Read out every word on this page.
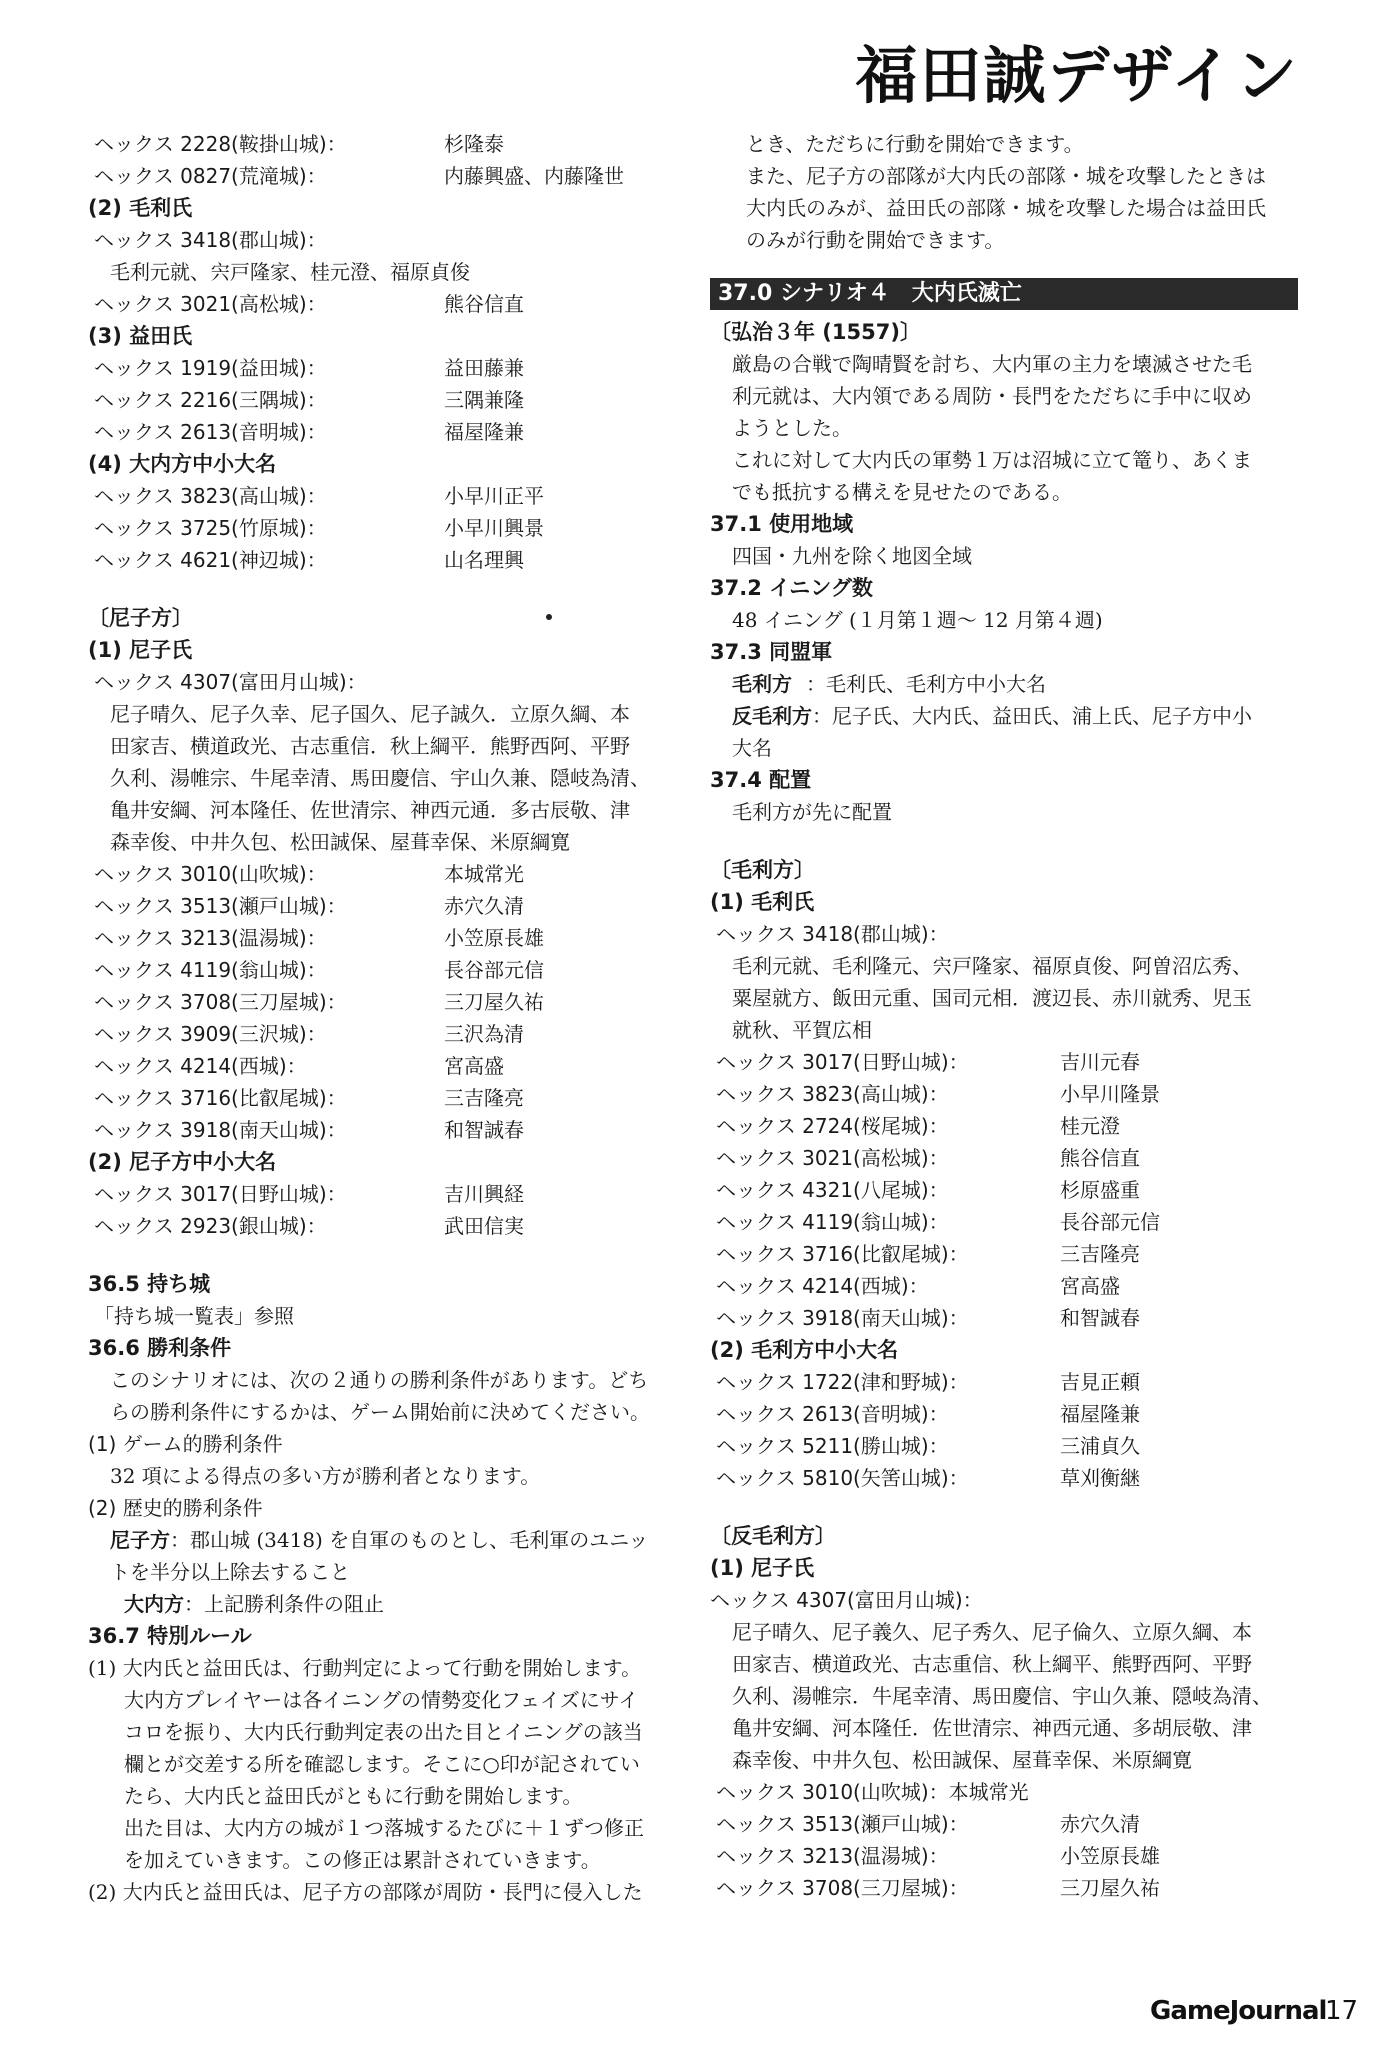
福田誠デザイン
ヘックス 2228(鞍掛山城)：	杉隆泰
ヘックス 0827(荒滝城)：	内藤興盛、内藤隆世
(2) 毛利氏
ヘックス 3418(郡山城)：
毛利元就、宍戸隆家、桂元澄、福原貞俊
ヘックス 3021(高松城)：	熊谷信直
(3) 益田氏
ヘックス 1919(益田城)：	益田藤兼
ヘックス 2216(三隅城)：	三隅兼隆
ヘックス 2613(音明城)：	福屋隆兼
(4) 大内方中小大名
ヘックス 3823(高山城)：	小早川正平
ヘックス 3725(竹原城)：	小早川興景
ヘックス 4621(神辺城)：	山名理興
〔尼子方〕
(1) 尼子氏
ヘックス 4307(富田月山城)：
尼子晴久、尼子久幸、尼子国久、尼子誠久．立原久綱、本
田家吉、横道政光、古志重信．秋上綱平．熊野西阿、平野
久利、湯帷宗、牛尾幸清、馬田慶信、宇山久兼、隠岐為清、
亀井安綱、河本隆任、佐世清宗、神西元通．多古辰敬、津
森幸俊、中井久包、松田誠保、屋葺幸保、米原綱寛
ヘックス 3010(山吹城)：	本城常光
ヘックス 3513(瀬戸山城)：	赤穴久清
ヘックス 3213(温湯城)：	小笠原長雄
ヘックス 4119(翁山城)：	長谷部元信
ヘックス 3708(三刀屋城)：	三刀屋久祐
ヘックス 3909(三沢城)：	三沢為清
ヘックス 4214(西城)：	宮高盛
ヘックス 3716(比叡尾城)：	三吉隆亮
ヘックス 3918(南天山城)：	和智誠春
(2) 尼子方中小大名
ヘックス 3017(日野山城)：	吉川興経
ヘックス 2923(銀山城)：	武田信実
36.5 持ち城
「持ち城一覧表」参照
36.6 勝利条件
このシナリオには、次の２通りの勝利条件があります。どち
らの勝利条件にするかは、ゲーム開始前に決めてください。
(1) ゲーム的勝利条件
32 項による得点の多い方が勝利者となります。
(2) 歴史的勝利条件
尼子方：郡山城 (3418) を自軍のものとし、毛利軍のユニッ
トを半分以上除去すること
大内方：上記勝利条件の阻止
36.7 特別ルール
(1) 大内氏と益田氏は、行動判定によって行動を開始します。
大内方プレイヤーは各イニングの情勢変化フェイズにサイ
コロを振り、大内氏行動判定表の出た目とイニングの該当
欄とが交差する所を確認します。そこに○印が記されてい
たら、大内氏と益田氏がともに行動を開始します。
出た目は、大内方の城が１つ落城するたびに＋１ずつ修正
を加えていきます。この修正は累計されていきます。
(2) 大内氏と益田氏は、尼子方の部隊が周防・長門に侵入した
とき、ただちに行動を開始できます。
また、尼子方の部隊が大内氏の部隊・城を攻撃したときは
大内氏のみが、益田氏の部隊・城を攻撃した場合は益田氏
のみが行動を開始できます。
37.0 シナリオ４　大内氏滅亡
〔弘治３年 (1557)〕
厳島の合戦で陶晴賢を討ち、大内軍の主力を壊滅させた毛
利元就は、大内領である周防・長門をただちに手中に収め
ようとした。
これに対して大内氏の軍勢１万は沼城に立て篭り、あくま
でも抵抗する構えを見せたのである。
37.1 使用地域
四国・九州を除く地図全域
37.2 イニング数
48 イニング (１月第１週～ 12 月第４週)
37.3 同盟軍
毛利方 ：毛利氏、毛利方中小大名
反毛利方：尼子氏、大内氏、益田氏、浦上氏、尼子方中小
大名
37.4 配置
毛利方が先に配置
〔毛利方〕
(1) 毛利氏
ヘックス 3418(郡山城)：
毛利元就、毛利隆元、宍戸隆家、福原貞俊、阿曽沼広秀、
粟屋就方、飯田元重、国司元相．渡辺長、赤川就秀、児玉
就秋、平賀広相
ヘックス 3017(日野山城)：	吉川元春
ヘックス 3823(高山城)：	小早川隆景
ヘックス 2724(桜尾城)：	桂元澄
ヘックス 3021(高松城)：	熊谷信直
ヘックス 4321(八尾城)：	杉原盛重
ヘックス 4119(翁山城)：	長谷部元信
ヘックス 3716(比叡尾城)：	三吉隆亮
ヘックス 4214(西城)：	宮高盛
ヘックス 3918(南天山城)：	和智誠春
(2) 毛利方中小大名
ヘックス 1722(津和野城)：	吉見正頼
ヘックス 2613(音明城)：	福屋隆兼
ヘックス 5211(勝山城)：	三浦貞久
ヘックス 5810(矢筈山城)：	草刈衡継
〔反毛利方〕
(1) 尼子氏
ヘックス 4307(富田月山城)：
尼子晴久、尼子義久、尼子秀久、尼子倫久、立原久綱、本
田家吉、横道政光、古志重信、秋上綱平、熊野西阿、平野
久利、湯帷宗．牛尾幸清、馬田慶信、宇山久兼、隠岐為清、
亀井安綱、河本隆任．佐世清宗、神西元通、多胡辰敬、津
森幸俊、中井久包、松田誠保、屋葺幸保、米原綱寛
ヘックス 3010(山吹城)：本城常光
ヘックス 3513(瀬戸山城)：	赤穴久清
ヘックス 3213(温湯城)：	小笠原長雄
ヘックス 3708(三刀屋城)：	三刀屋久祐
GameJournal
17
